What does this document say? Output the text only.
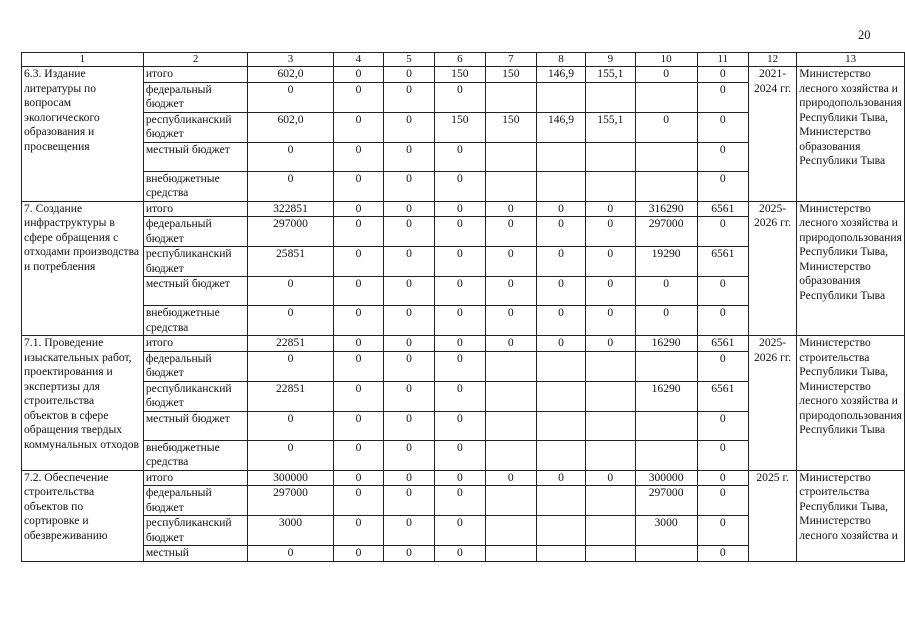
20
1	2	3	4	5	6	7	8	9	10	11	12	13
6.3. Издание литературы по вопросам экологического образования и просвещения	итого	602,0	0	0	150	150	146,9	155,1	0	0	2021-2024 гг.	Министерство лесного хозяйства и природопользования Республики Тыва, Министерство образования Республики Тыва
	федеральный бюджет	0	0	0	0					0		
	республиканский бюджет	602,0	0	0	150	150	146,9	155,1	0	0		
	местный бюджет	0	0	0	0					0		
	внебюджетные средства	0	0	0	0					0		
7. Создание инфраструктуры в сфере обращения с отходами производства и потребления	итого	322851	0	0	0	0	0	0	316290	6561	2025-2026 гг.	Министерство лесного хозяйства и природопользования Республики Тыва, Министерство образования Республики Тыва
	федеральный бюджет	297000	0	0	0	0	0	0	297000	0		
	республиканский бюджет	25851	0	0	0	0	0	0	19290	6561		
	местный бюджет	0	0	0	0	0	0	0	0	0		
	внебюджетные средства	0	0	0	0	0	0	0	0	0		
7.1. Проведение изыскательных работ, проектирования и экспертизы для строительства объектов в сфере обращения твердых коммунальных отходов	итого	22851	0	0	0	0	0	0	16290	6561	2025-2026 гг.	Министерство строительства Республики Тыва, Министерство лесного хозяйства и природопользования Республики Тыва
	федеральный бюджет	0	0	0	0					0		
	республиканский бюджет	22851	0	0	0				16290	6561		
	местный бюджет	0	0	0	0					0		
	внебюджетные средства	0	0	0	0					0		
7.2. Обеспечение строительства объектов по сортировке и обезвреживанию	итого	300000	0	0	0	0	0	0	300000	0	2025 г.	Министерство строительства Республики Тыва, Министерство лесного хозяйства и
	федеральный бюджет	297000	0	0	0				297000	0		
	республиканский бюджет	3000	0	0	0				3000	0		
	местный	0	0	0	0					0		
